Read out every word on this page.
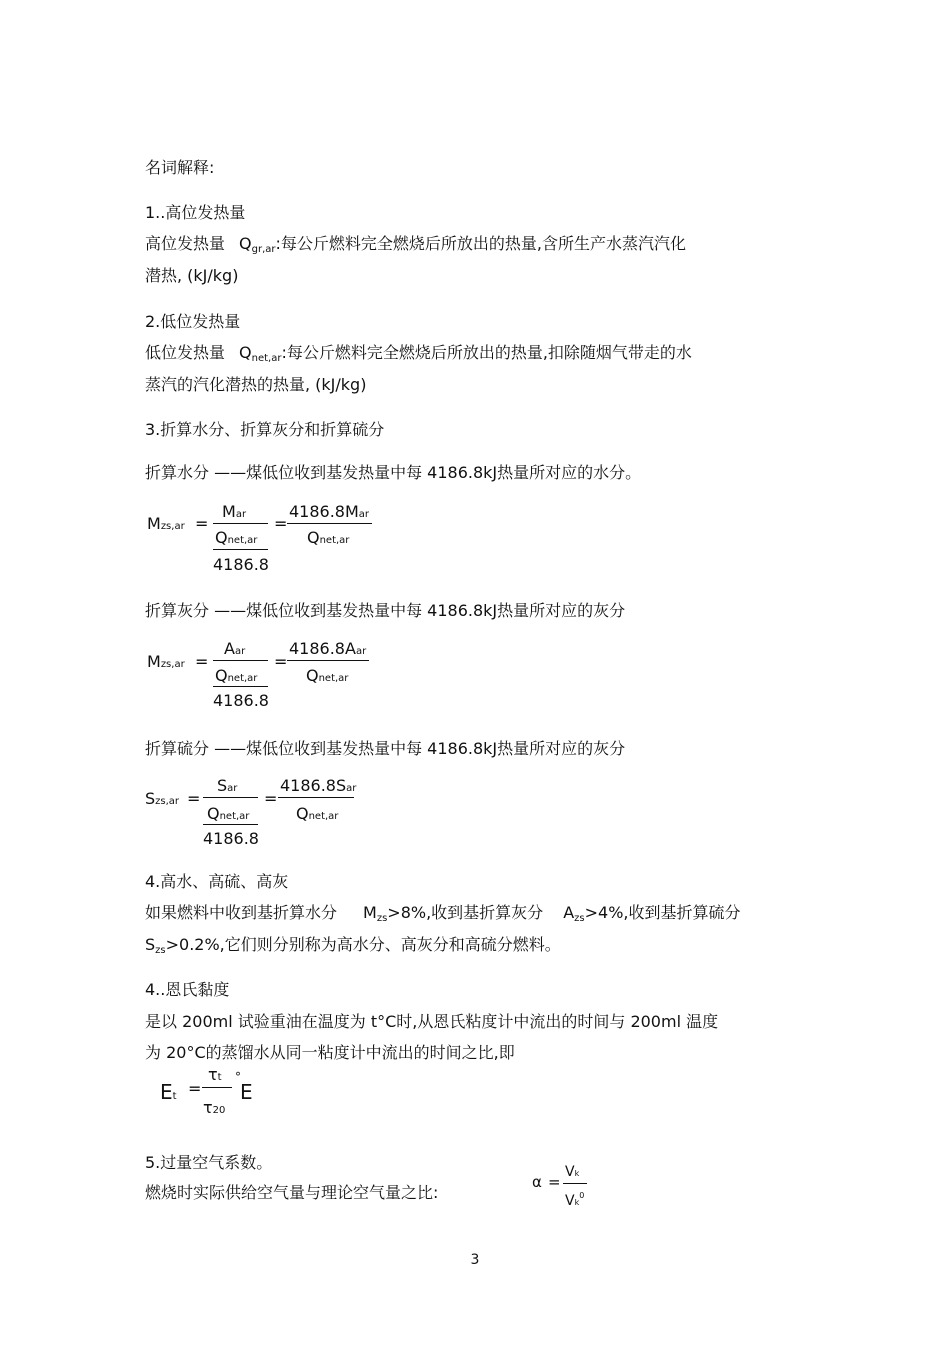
名词解释:
1..高位发热量
高位发热量 $Q_{gr,ar}$:每公斤燃料完全燃烧后所放出的热量,含所生产水蒸汽汽化
潜热, (kJ/kg)
2.低位发热量
低位发热量 $Q_{net,ar}$:每公斤燃料完全燃烧后所放出的热量,扣除随烟气带走的水
蒸汽的汽化潜热的热量, (kJ/kg)
3.折算水分、折算灰分和折算硫分
折算水分 ——煤低位收到基发热量中每 4186.8kJ热量所对应的水分。
Mzs,ar =
Mar
Qnet,ar
4186.8
=
4186.8Mar
Qnet,ar
折算灰分 ——煤低位收到基发热量中每 4186.8kJ热量所对应的灰分
Mzs,ar =
Aar
Qnet,ar
4186.8
=
4186.8Aar
Qnet,ar
折算硫分 ——煤低位收到基发热量中每 4186.8kJ热量所对应的灰分
Szs,ar =
Sar
Qnet,ar
4186.8
=
4186.8Sar
Qnet,ar
4.高水、高硫、高灰
如果燃料中收到基折算水分 $M_{zs}>8\%$,收到基折算灰分 $A_{zs}>4\%$,收到基折算硫分
$S_{zs}>0.2\%$,它们则分别称为高水分、高灰分和高硫分燃料。
4..恩氏黏度
是以 200ml 试验重油在温度为 t°C时,从恩氏粘度计中流出的时间与 200ml 温度
为 20°C的蒸馏水从同一粘度计中流出的时间之比,即
Et =
τt
τ20
°
E
5.过量空气系数。
燃烧时实际供给空气量与理论空气量之比:
α =
Vk
Vk$^0$
3
